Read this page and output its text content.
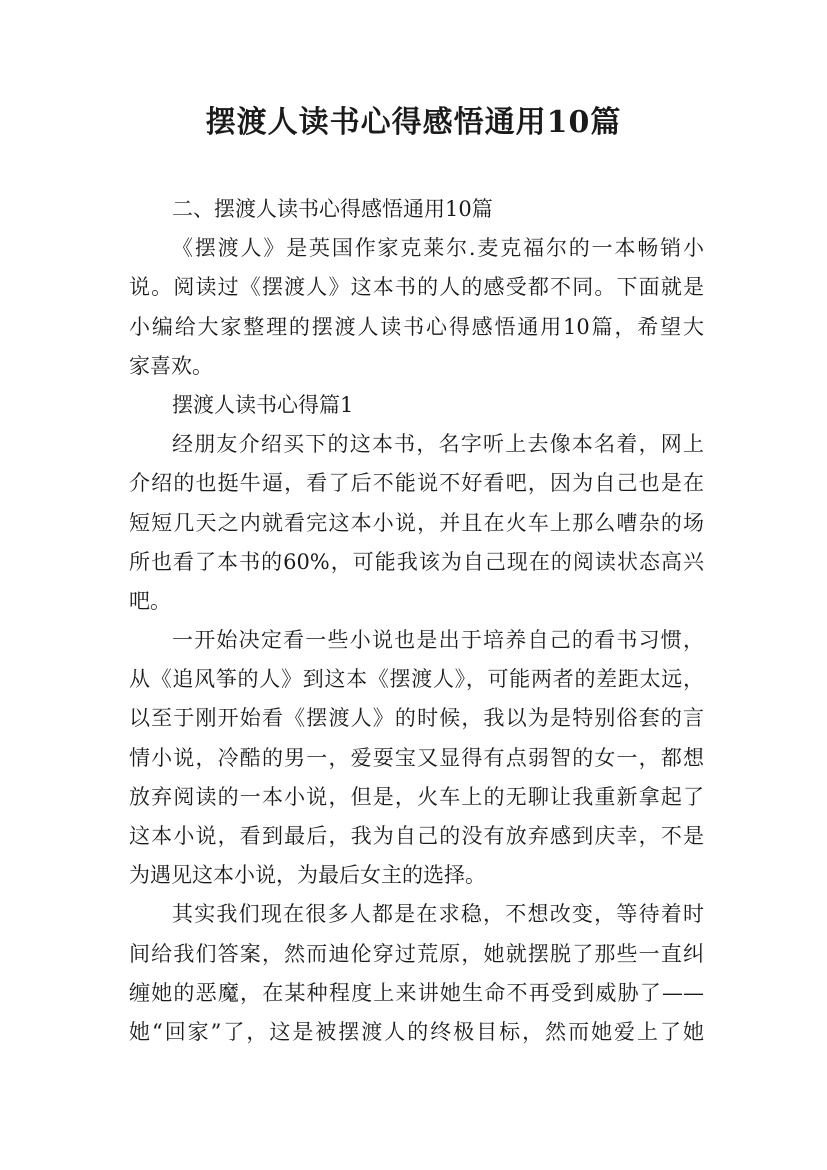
摆渡人读书心得感悟通用10篇
二、摆渡人读书心得感悟通用10篇
《摆渡人》是英国作家克莱尔.麦克福尔的一本畅销小
说。阅读过《摆渡人》这本书的人的感受都不同。下面就是
小编给大家整理的摆渡人读书心得感悟通用10篇，希望大
家喜欢。
摆渡人读书心得篇1
经朋友介绍买下的这本书，名字听上去像本名着，网上
介绍的也挺牛逼，看了后不能说不好看吧，因为自己也是在
短短几天之内就看完这本小说，并且在火车上那么嘈杂的场
所也看了本书的60%，可能我该为自己现在的阅读状态高兴
吧。
一开始决定看一些小说也是出于培养自己的看书习惯，
从《追风筝的人》到这本《摆渡人》，可能两者的差距太远，
以至于刚开始看《摆渡人》的时候，我以为是特别俗套的言
情小说，冷酷的男一，爱耍宝又显得有点弱智的女一，都想
放弃阅读的一本小说，但是，火车上的无聊让我重新拿起了
这本小说，看到最后，我为自己的没有放弃感到庆幸，不是
为遇见这本小说，为最后女主的选择。
其实我们现在很多人都是在求稳，不想改变，等待着时
间给我们答案，然而迪伦穿过荒原，她就摆脱了那些一直纠
缠她的恶魔，在某种程度上来讲她生命不再受到威胁了——
她“回家”了，这是被摆渡人的终极目标，然而她爱上了她
